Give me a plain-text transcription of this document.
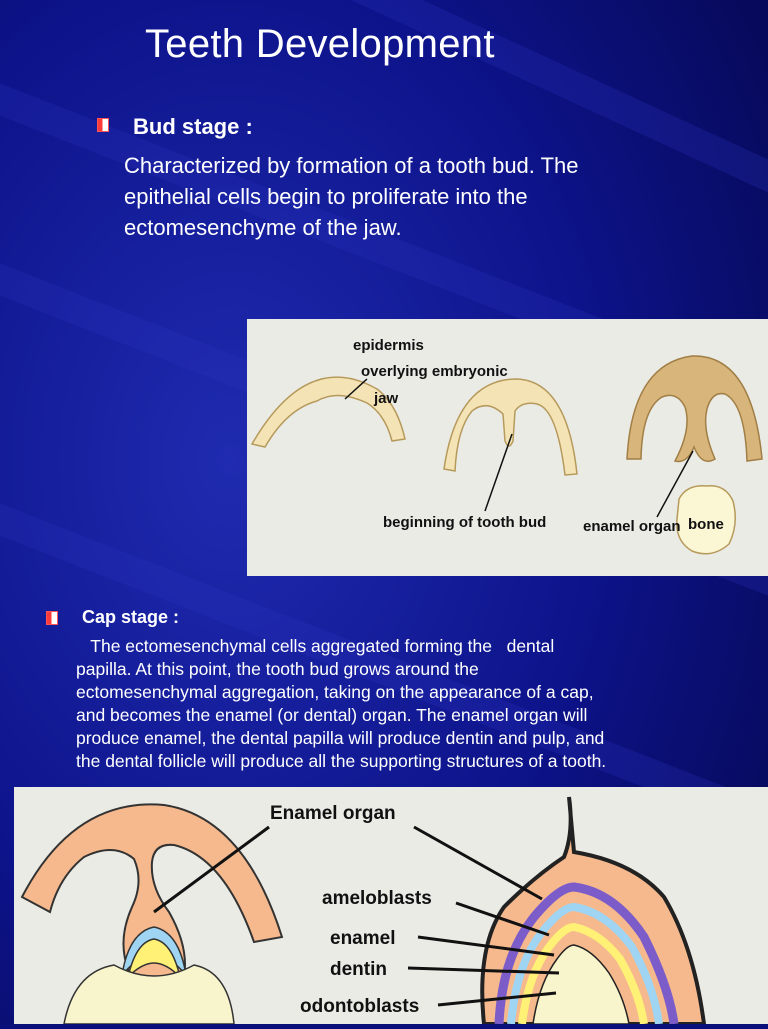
Teeth Development
Bud stage :
Characterized by formation of a tooth bud. The
epithelial cells begin to proliferate into the
ectomesenchyme of the jaw.
epidermis
overlying embryonic
jaw
beginning of tooth bud enamel organ bone
Cap stage :
The ectomesenchymal cells aggregated forming the   dental
papilla. At this point, the tooth bud grows around the
ectomesenchymal aggregation, taking on the appearance of a cap,
and becomes the enamel (or dental) organ. The enamel organ will
produce enamel, the dental papilla will produce dentin and pulp, and
the dental follicle will produce all the supporting structures of a tooth.
Enamel organ
ameloblasts
enamel
dentin
odontoblasts
